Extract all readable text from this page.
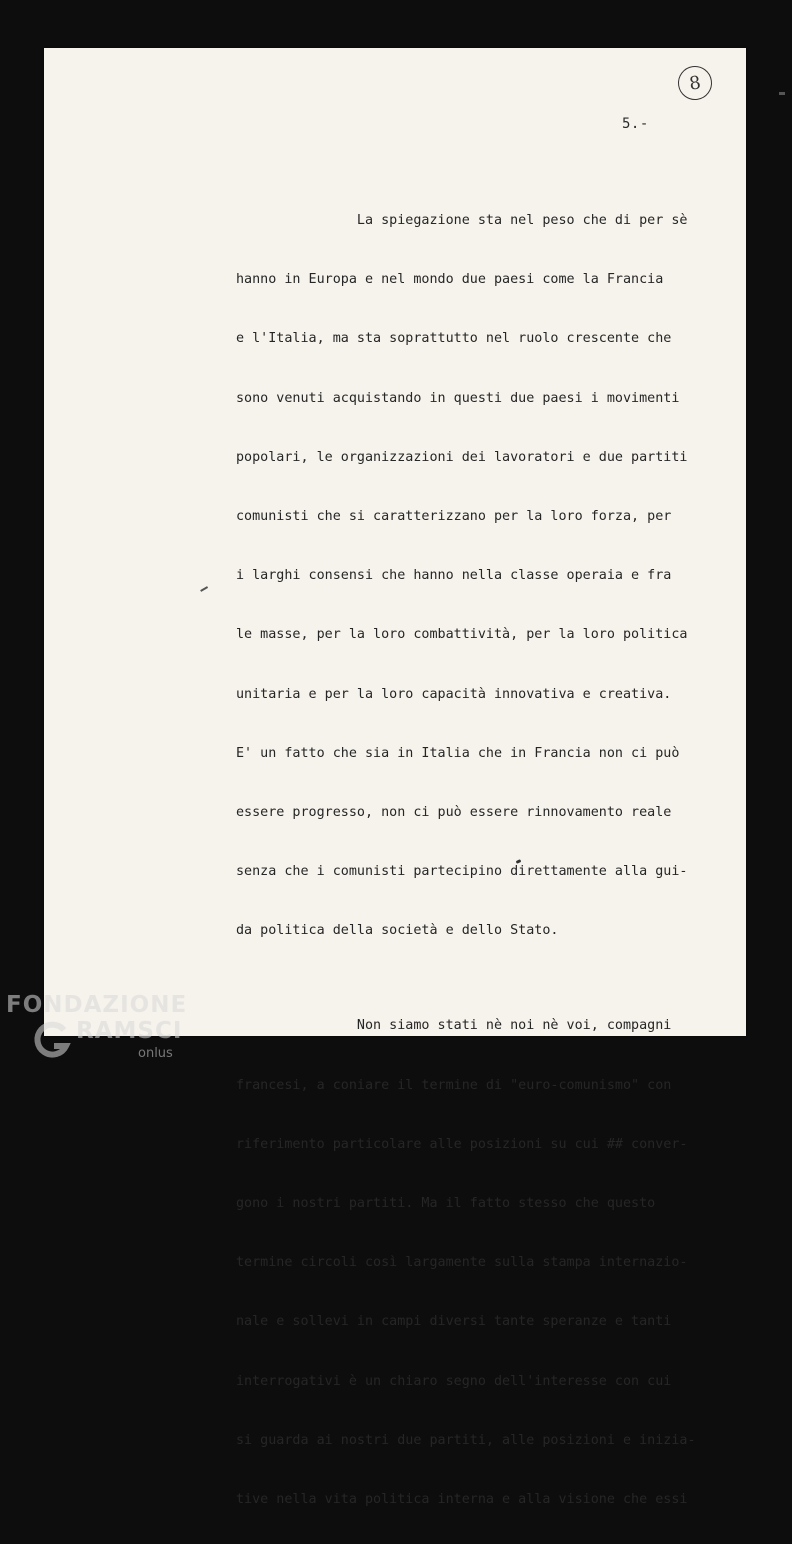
8
5.-

La spiegazione sta nel peso che di per sè

hanno in Europa e nel mondo due paesi come la Francia

e l'Italia, ma sta soprattutto nel ruolo crescente che

sono venuti acquistando in questi due paesi i movimenti

popolari, le organizzazioni dei lavoratori e due partiti

comunisti che si caratterizzano per la loro forza, per

i larghi consensi che hanno nella classe operaia e fra

le masse, per la loro combattività, per la loro politica

unitaria e per la loro capacità innovativa e creativa.

E' un fatto che sia in Italia che in Francia non ci può

essere progresso, non ci può essere rinnovamento reale

senza che i comunisti partecipino direttamente alla gui-

da politica della società e dello Stato.

Non siamo stati nè noi nè voi, compagni

francesi, a coniare il termine di "euro-comunismo" con

riferimento particolare alle posizioni su cui ## conver-

gono i nostri partiti. Ma il fatto stesso che questo

termine circoli così largamente sulla stampa internazio-

nale e sollevi in campi diversi tante speranze e tanti

interrogativi è un chiaro segno dell'interesse con cui

si guarda ai nostri due partiti, alle posizioni e inizia-

tive nella vita politica interna e alla visione che essi

FONDAZIONE
RAMSCI
onlus
